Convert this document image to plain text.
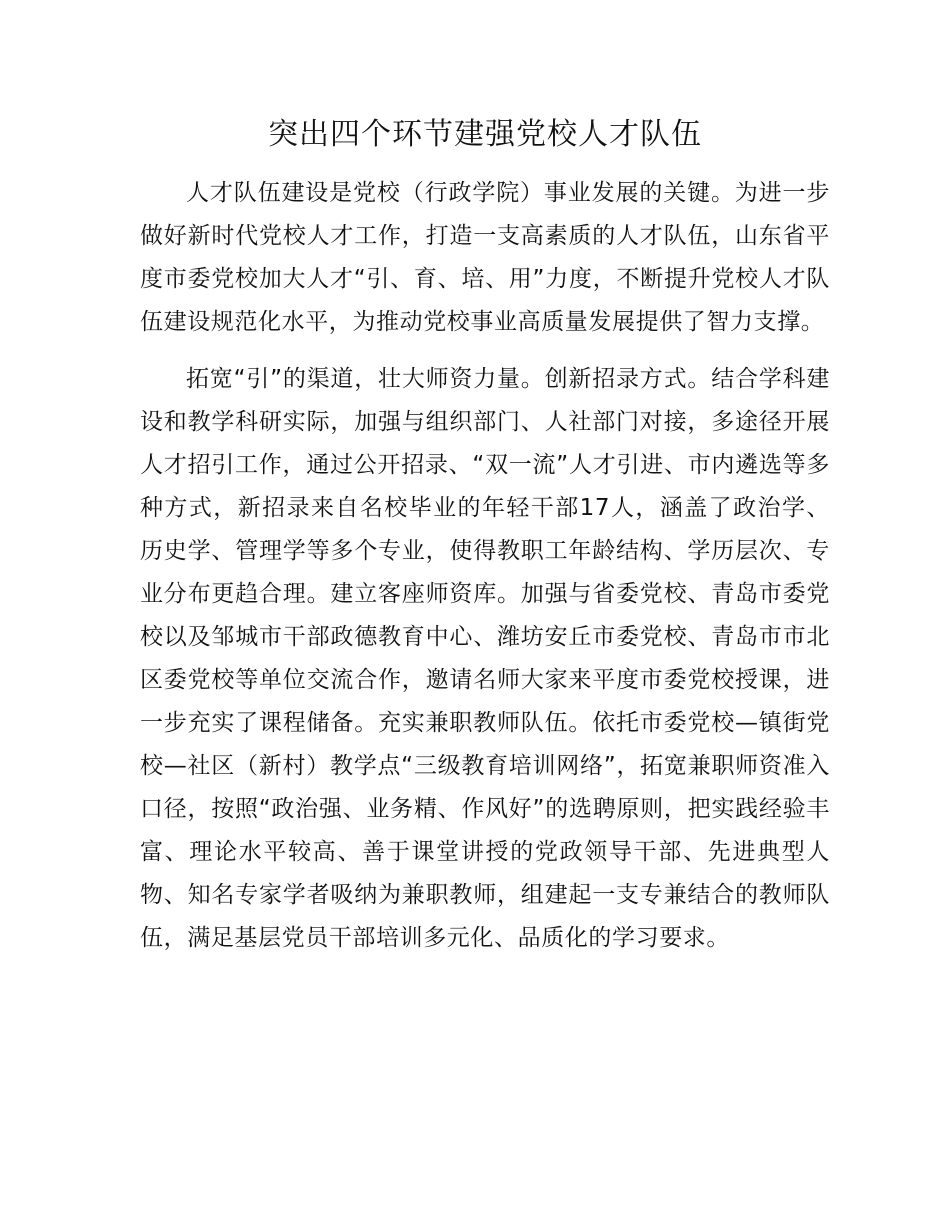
突出四个环节建强党校人才队伍

人才队伍建设是党校（行政学院）事业发展的关键。为进一步做好新时代党校人才工作，打造一支高素质的人才队伍，山东省平度市委党校加大人才“引、育、培、用”力度，不断提升党校人才队伍建设规范化水平，为推动党校事业高质量发展提供了智力支撑。

拓宽“引”的渠道，壮大师资力量。创新招录方式。结合学科建设和教学科研实际，加强与组织部门、人社部门对接，多途径开展人才招引工作，通过公开招录、“双一流”人才引进、市内遴选等多种方式，新招录来自名校毕业的年轻干部17人，涵盖了政治学、历史学、管理学等多个专业，使得教职工年龄结构、学历层次、专业分布更趋合理。建立客座师资库。加强与省委党校、青岛市委党校以及邹城市干部政德教育中心、潍坊安丘市委党校、青岛市市北区委党校等单位交流合作，邀请名师大家来平度市委党校授课，进一步充实了课程储备。充实兼职教师队伍。依托市委党校—镇街党校—社区（新村）教学点“三级教育培训网络”，拓宽兼职师资准入口径，按照“政治强、业务精、作风好”的选聘原则，把实践经验丰富、理论水平较高、善于课堂讲授的党政领导干部、先进典型人物、知名专家学者吸纳为兼职教师，组建起一支专兼结合的教师队伍，满足基层党员干部培训多元化、品质化的学习要求。
